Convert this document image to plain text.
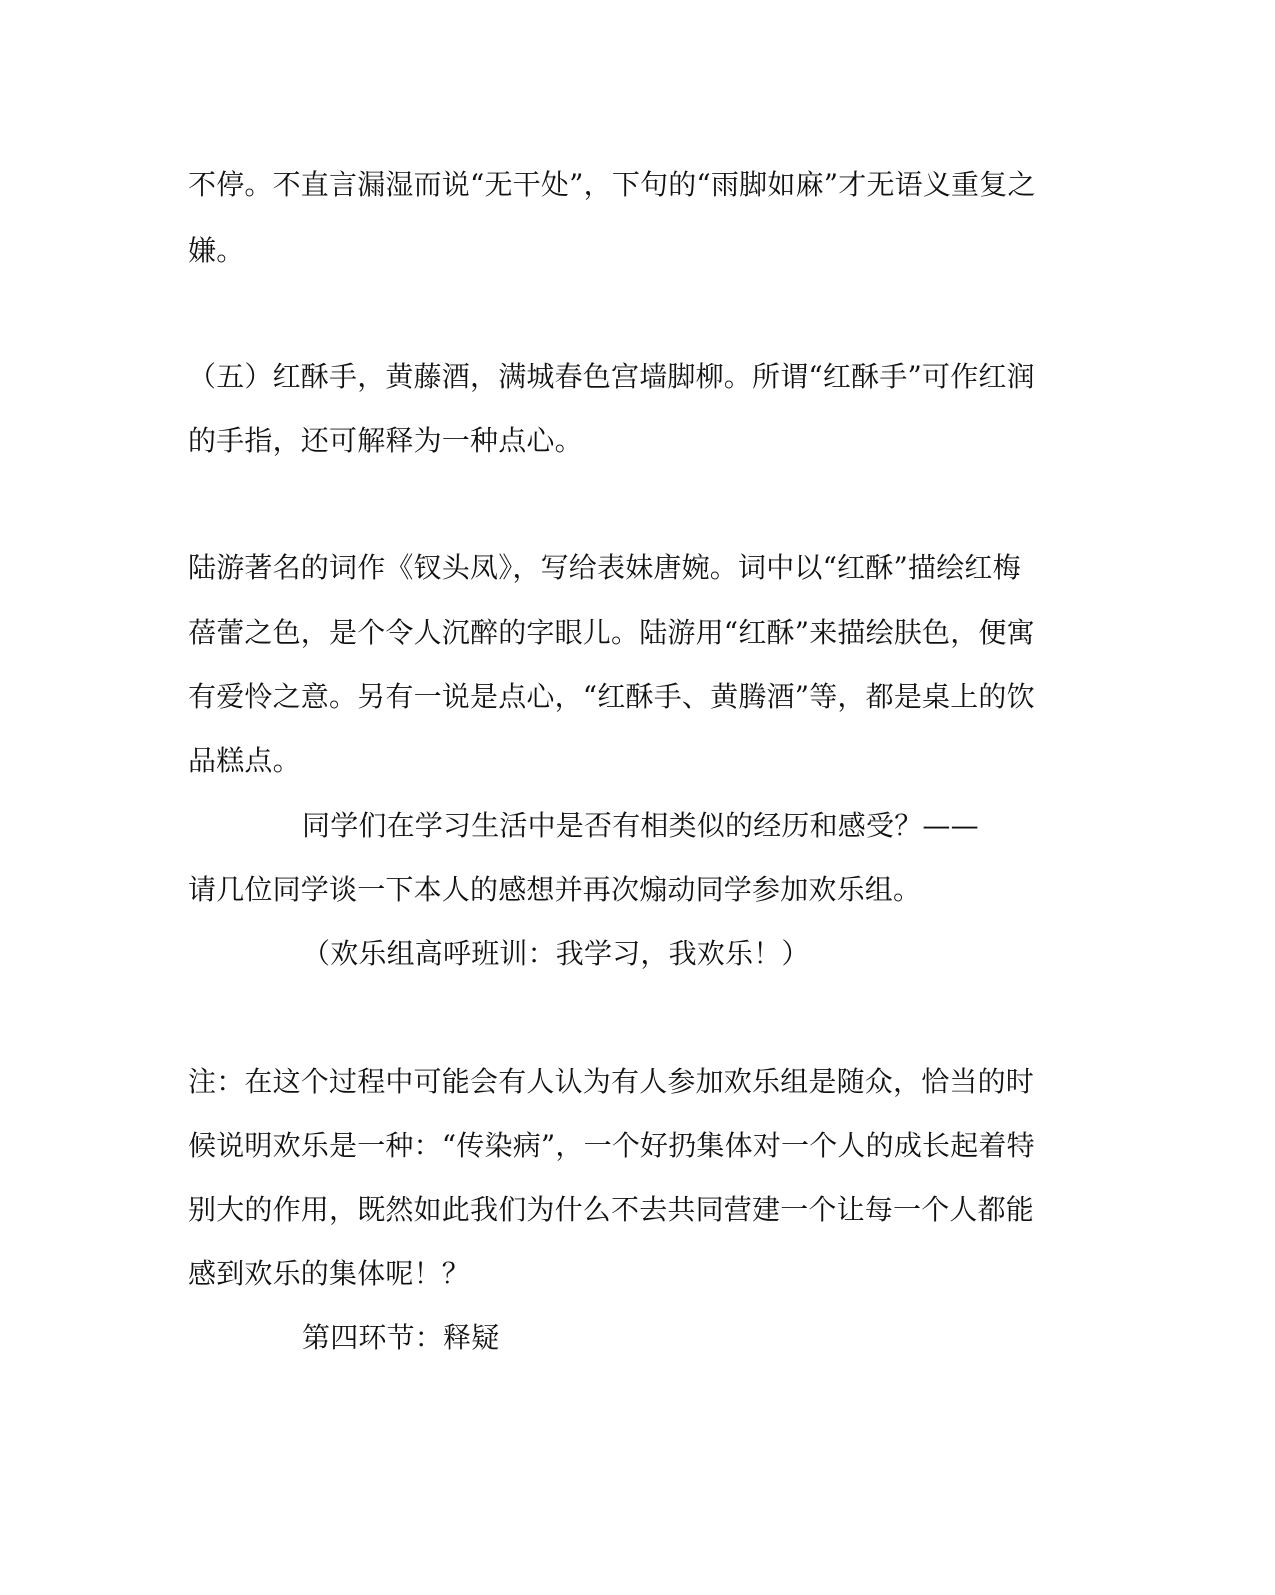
不停。不直言漏湿而说“无干处”，下句的“雨脚如麻”才无语义重复之
嫌。
（五）红酥手，黄藤酒，满城春色宫墙脚柳。所谓“红酥手”可作红润
的手指，还可解释为一种点心。
陆游著名的词作《钗头凤》，写给表妹唐婉。词中以“红酥”描绘红梅
蓓蕾之色，是个令人沉醉的字眼儿。陆游用“红酥”来描绘肤色，便寓
有爱怜之意。另有一说是点心，“红酥手、黄腾酒”等，都是桌上的饮
品糕点。
同学们在学习生活中是否有相类似的经历和感受？——
请几位同学谈一下本人的感想并再次煽动同学参加欢乐组。
（欢乐组高呼班训：我学习，我欢乐！）
注：在这个过程中可能会有人认为有人参加欢乐组是随众，恰当的时
候说明欢乐是一种：“传染病”，一个好扔集体对一个人的成长起着特
别大的作用，既然如此我们为什么不去共同营建一个让每一个人都能
感到欢乐的集体呢！？
第四环节：释疑
